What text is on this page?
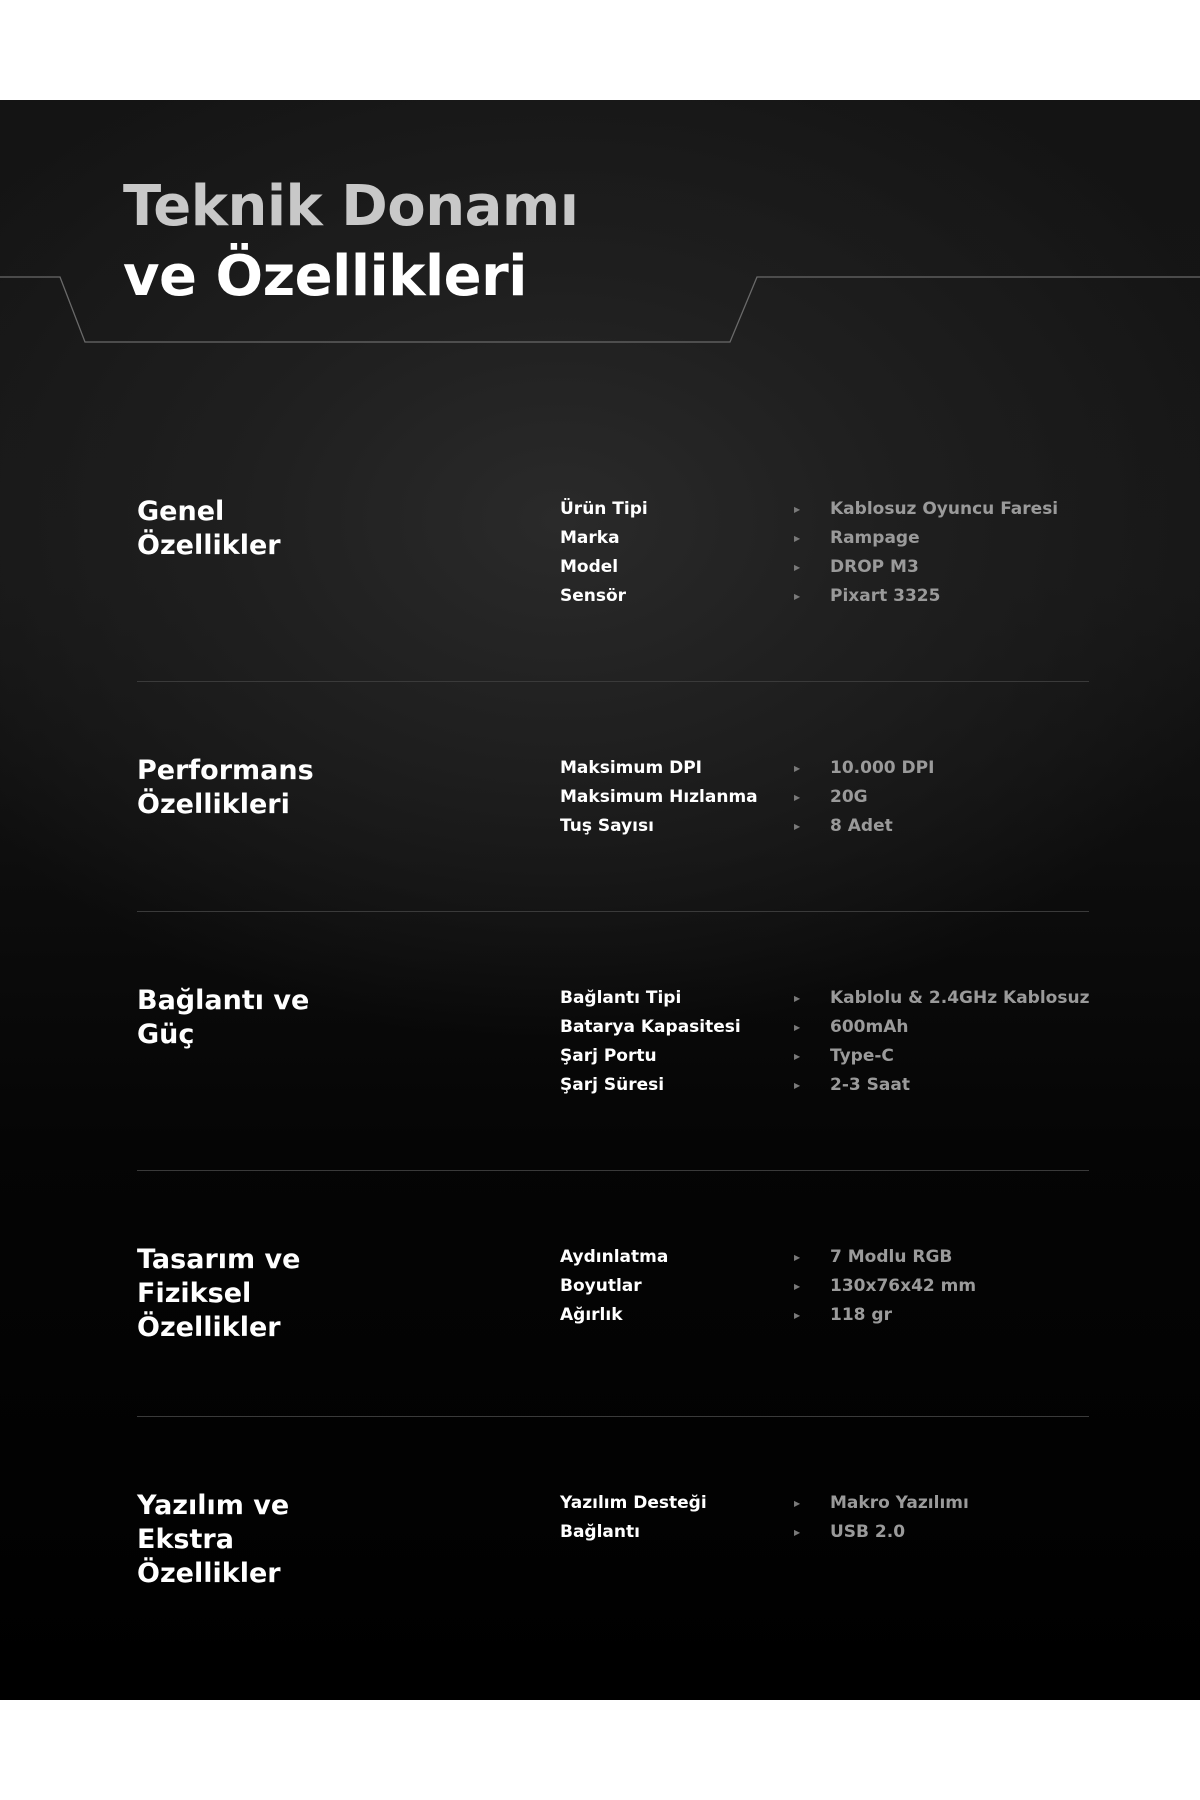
Teknik Donamı
ve Özellikleri
Genel
Özellikler
Ürün Tipi	▶ Kablosuz Oyuncu Faresi
Marka	▶ Rampage
Model	▶ DROP M3
Sensör	▶ Pixart 3325
Performans
Özellikleri
Maksimum DPI	▶ 10.000 DPI
Maksimum Hızlanma	▶ 20G
Tuş Sayısı	▶ 8 Adet
Bağlantı ve
Güç
Bağlantı Tipi	▶ Kablolu & 2.4GHz Kablosuz
Batarya Kapasitesi	▶ 600mAh
Şarj Portu	▶ Type-C
Şarj Süresi	▶ 2-3 Saat
Tasarım ve
Fiziksel
Özellikler
Aydınlatma	▶ 7 Modlu RGB
Boyutlar	▶ 130x76x42 mm
Ağırlık	▶ 118 gr
Yazılım ve
Ekstra
Özellikler
Yazılım Desteği	▶ Makro Yazılımı
Bağlantı	▶ USB 2.0
